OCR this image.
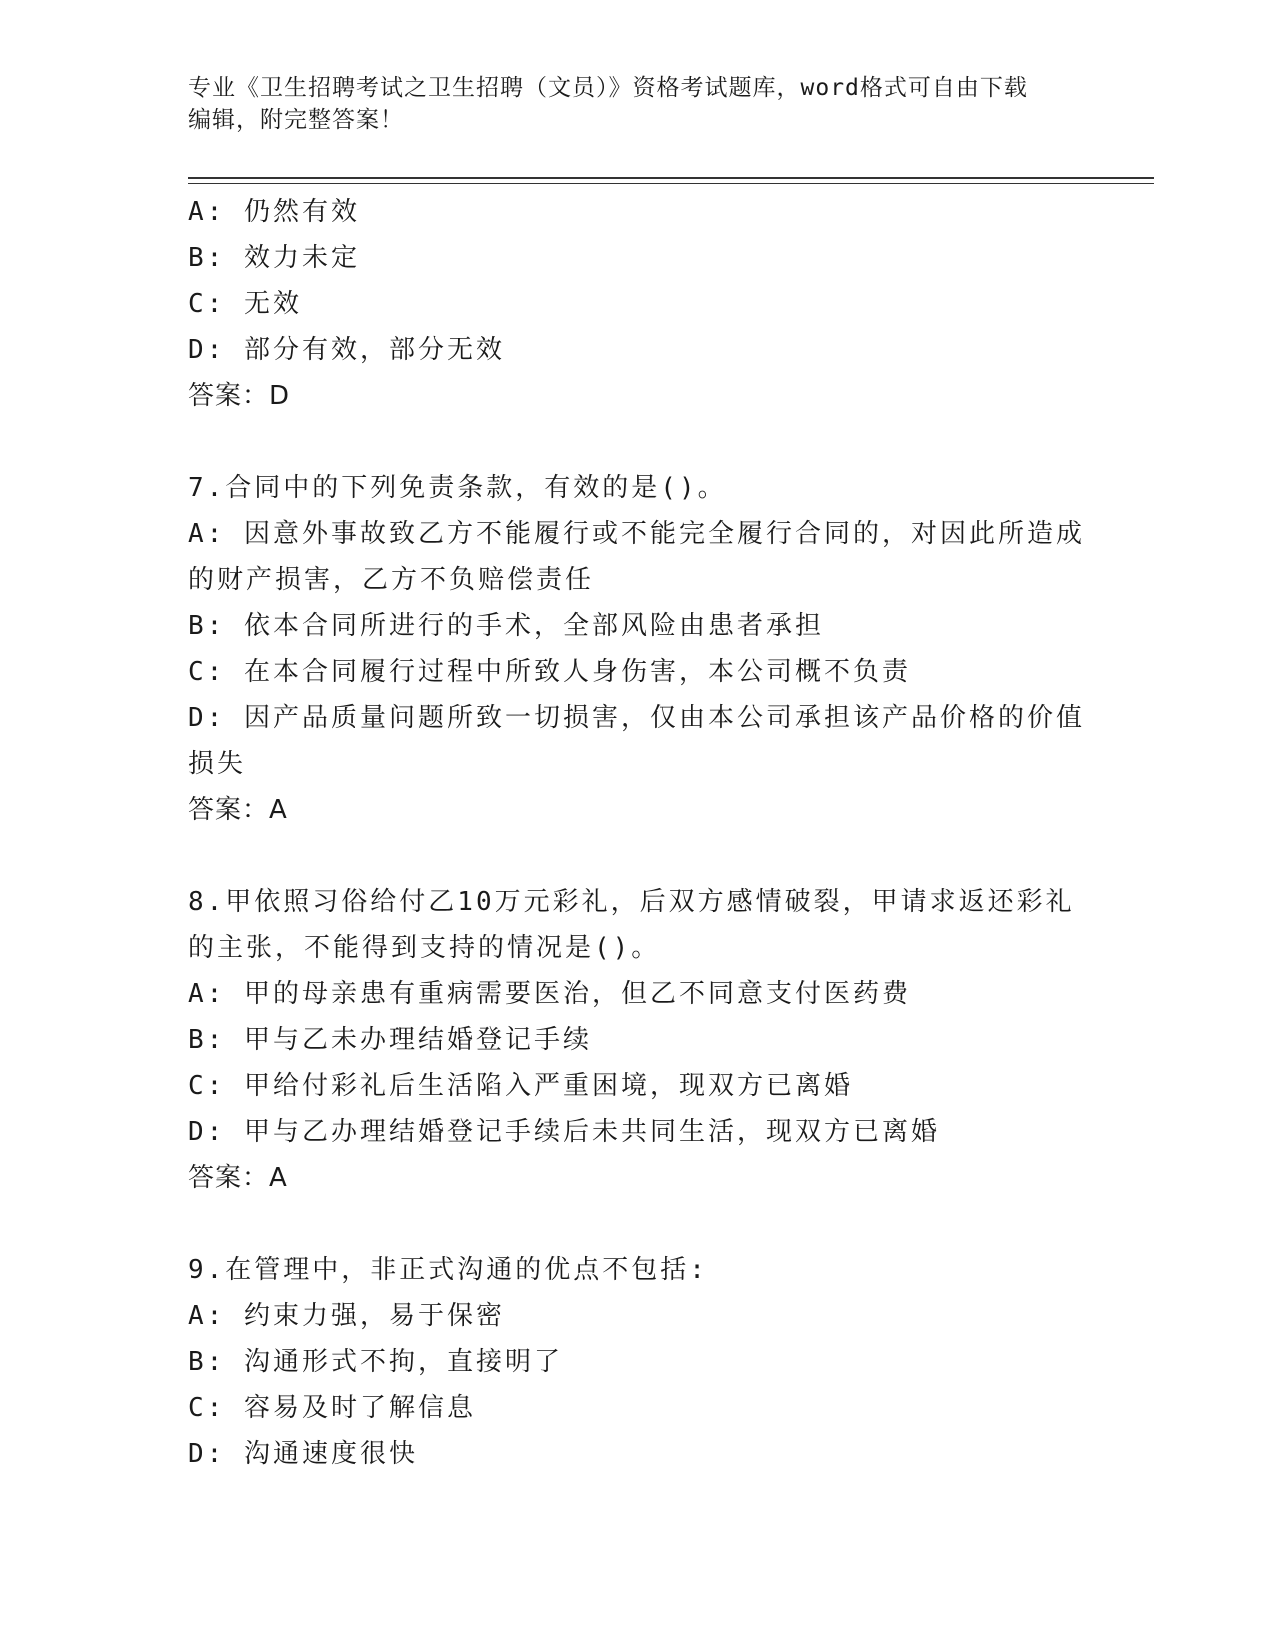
专业《卫生招聘考试之卫生招聘（文员）》资格考试题库，word格式可自由下载
编辑，附完整答案！
A: 仍然有效
B: 效力未定
C: 无效
D: 部分有效，部分无效
答案：D
7.合同中的下列免责条款，有效的是()。
A: 因意外事故致乙方不能履行或不能完全履行合同的，对因此所造成
的财产损害，乙方不负赔偿责任
B: 依本合同所进行的手术，全部风险由患者承担
C: 在本合同履行过程中所致人身伤害，本公司概不负责
D: 因产品质量问题所致一切损害，仅由本公司承担该产品价格的价值
损失
答案：A
8.甲依照习俗给付乙10万元彩礼，后双方感情破裂，甲请求返还彩礼
的主张，不能得到支持的情况是()。
A: 甲的母亲患有重病需要医治，但乙不同意支付医药费
B: 甲与乙未办理结婚登记手续
C: 甲给付彩礼后生活陷入严重困境，现双方已离婚
D: 甲与乙办理结婚登记手续后未共同生活，现双方已离婚
答案：A
9.在管理中，非正式沟通的优点不包括:
A: 约束力强，易于保密
B: 沟通形式不拘，直接明了
C: 容易及时了解信息
D: 沟通速度很快
